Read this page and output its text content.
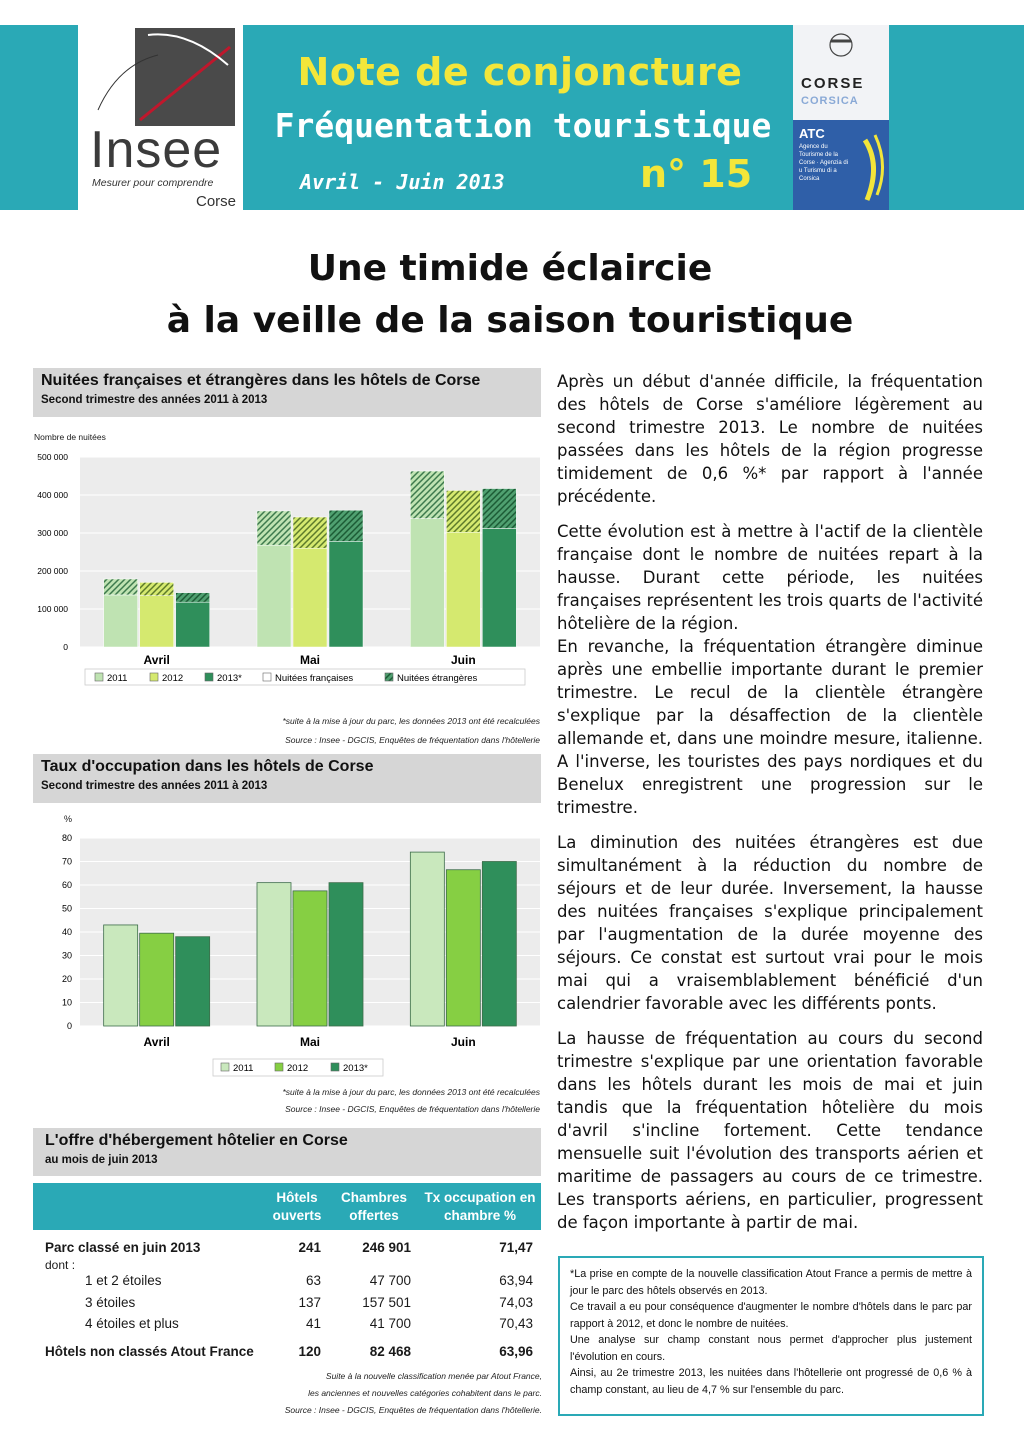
Insee
Mesurer pour comprendre
Corse
Note de conjoncture
Fréquentation touristique
Avril - Juin 2013	n° 15
CORSE
CORSICA
ATC
Agence du Tourisme de la Corse · Agenzia di u Turismu di a Corsica
Une timide éclaircie
à la veille de la saison touristique
Nuitées françaises et étrangères dans les hôtels de Corse
Second trimestre des années 2011 à 2013
Nombre de nuitées
500 000
400 000
300 000
200 000
100 000
0
Avril	Mai	Juin
2011	2012	2013*	Nuitées françaises	Nuitées étrangères
*suite à la mise à jour du parc, les données 2013 ont été recalculées
Source : Insee - DGCIS, Enquêtes de fréquentation dans l'hôtellerie
Taux d'occupation dans les hôtels de Corse
Second trimestre des années 2011 à 2013
%
80
70
60
50
40
30
20
10
0
Avril	Mai	Juin
2011	2012	2013*
*suite à la mise à jour du parc, les données 2013 ont été recalculées
Source : Insee - DGCIS, Enquêtes de fréquentation dans l'hôtellerie
L'offre d'hébergement hôtelier en Corse
au mois de juin 2013
Hôtels ouverts
Chambres offertes
Tx occupation en chambre %
Parc classé en juin 2013	241	246 901	71,47
dont :
1 et 2 étoiles	63	47 700	63,94
3 étoiles	137	157 501	74,03
4 étoiles et plus	41	41 700	70,43
Hôtels non classés Atout France	120	82 468	63,96
Suite à la nouvelle classification menée par Atout France,
les anciennes et nouvelles catégories cohabitent dans le parc.
Source : Insee - DGCIS, Enquêtes de fréquentation dans l'hôtellerie.

Après un début d'année difficile, la fréquentation des hôtels de Corse s'améliore légèrement au second trimestre 2013. Le nombre de nuitées passées dans les hôtels de la région progresse timidement de 0,6 %* par rapport à l'année précédente.

Cette évolution est à mettre à l'actif de la clientèle française dont le nombre de nuitées repart à la hausse. Durant cette période, les nuitées françaises représentent les trois quarts de l'activité hôtelière de la région.

En revanche, la fréquentation étrangère diminue après une embellie importante durant le premier trimestre. Le recul de la clientèle étrangère s'explique par la désaffection de la clientèle allemande et, dans une moindre mesure, italienne. A l'inverse, les touristes des pays nordiques et du Benelux enregistrent une progression sur le trimestre.

La diminution des nuitées étrangères est due simultanément à la réduction du nombre de séjours et de leur durée. Inversement, la hausse des nuitées françaises s'explique principalement par l'augmentation de la durée moyenne des séjours. Ce constat est surtout vrai pour le mois mai qui a vraisemblablement bénéficié d'un calendrier favorable avec les différents ponts.

La hausse de fréquentation au cours du second trimestre s'explique par une orientation favorable dans les hôtels durant les mois de mai et juin tandis que la fréquentation hôtelière du mois d'avril s'incline fortement. Cette tendance mensuelle suit l'évolution des transports aérien et maritime de passagers au cours de ce trimestre. Les transports aériens, en particulier, progressent de façon importante à partir de mai.

*La prise en compte de la nouvelle classification Atout France a permis de mettre à jour le parc des hôtels observés en 2013.
Ce travail a eu pour conséquence d'augmenter le nombre d'hôtels dans le parc par rapport à 2012, et donc le nombre de nuitées.
Une analyse sur champ constant nous permet d'approcher plus justement l'évolution en cours.
Ainsi, au 2e trimestre 2013, les nuitées dans l'hôtellerie ont progressé de 0,6 % à champ constant, au lieu de 4,7 % sur l'ensemble du parc.
